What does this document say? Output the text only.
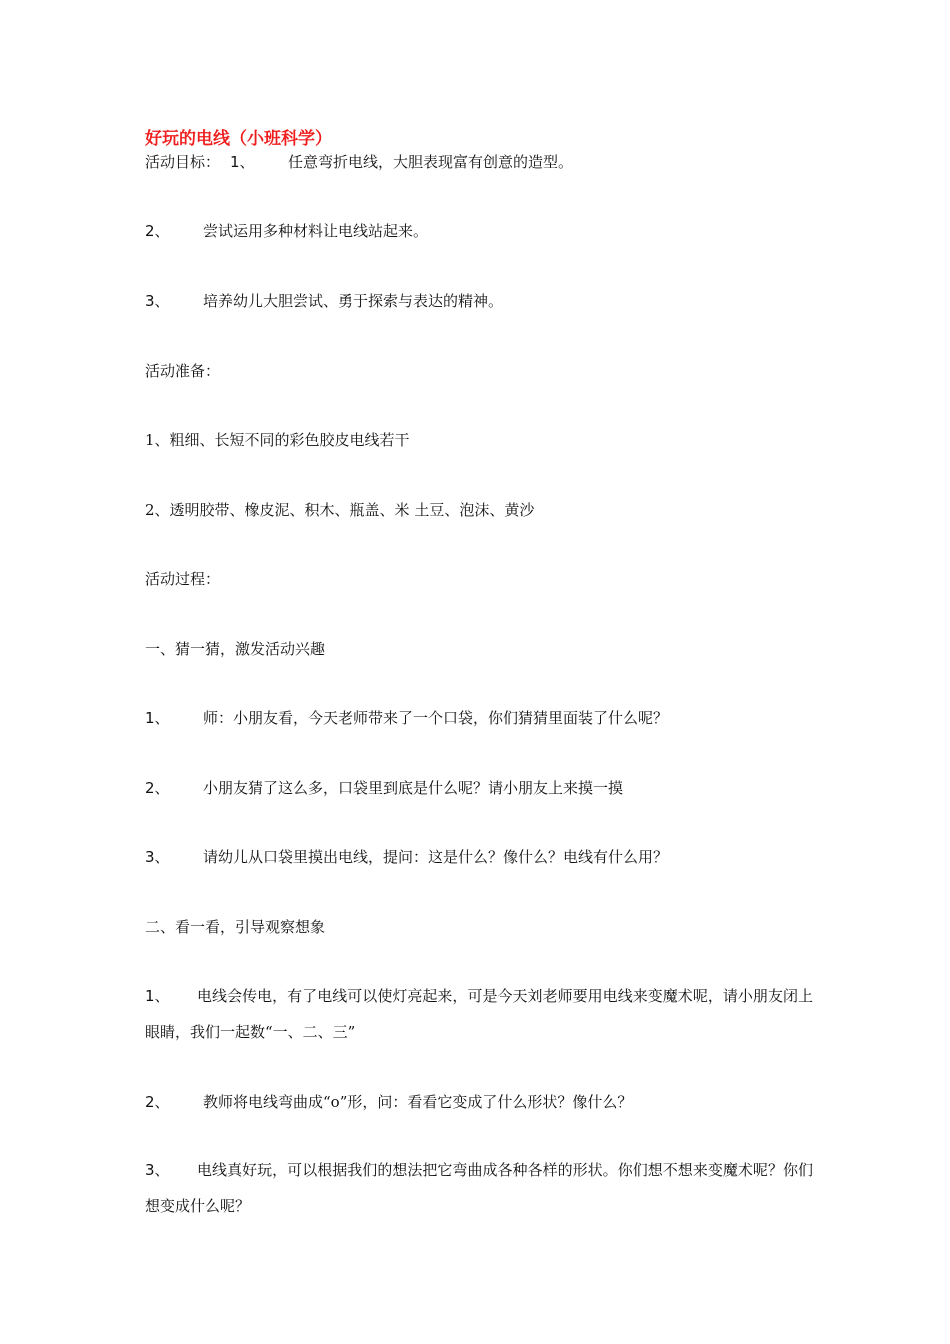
好玩的电线（小班科学）
活动目标： 1、 任意弯折电线，大胆表现富有创意的造型。
2、 尝试运用多种材料让电线站起来。
3、 培养幼儿大胆尝试、勇于探索与表达的精神。
活动准备：
1、粗细、长短不同的彩色胶皮电线若干
2、透明胶带、橡皮泥、积木、瓶盖、米 土豆、泡沫、黄沙
活动过程：
一、猜一猜，激发活动兴趣
1、 师：小朋友看，今天老师带来了一个口袋，你们猜猜里面装了什么呢？
2、 小朋友猜了这么多，口袋里到底是什么呢？请小朋友上来摸一摸
3、 请幼儿从口袋里摸出电线，提问：这是什么？像什么？电线有什么用？
二、看一看，引导观察想象
1、 电线会传电，有了电线可以使灯亮起来，可是今天刘老师要用电线来变魔术呢，请小朋友闭上眼睛，我们一起数“一、二、三”
2、 教师将电线弯曲成“o”形，问：看看它变成了什么形状？像什么？
3、 电线真好玩，可以根据我们的想法把它弯曲成各种各样的形状。你们想不想来变魔术呢？你们想变成什么呢？
